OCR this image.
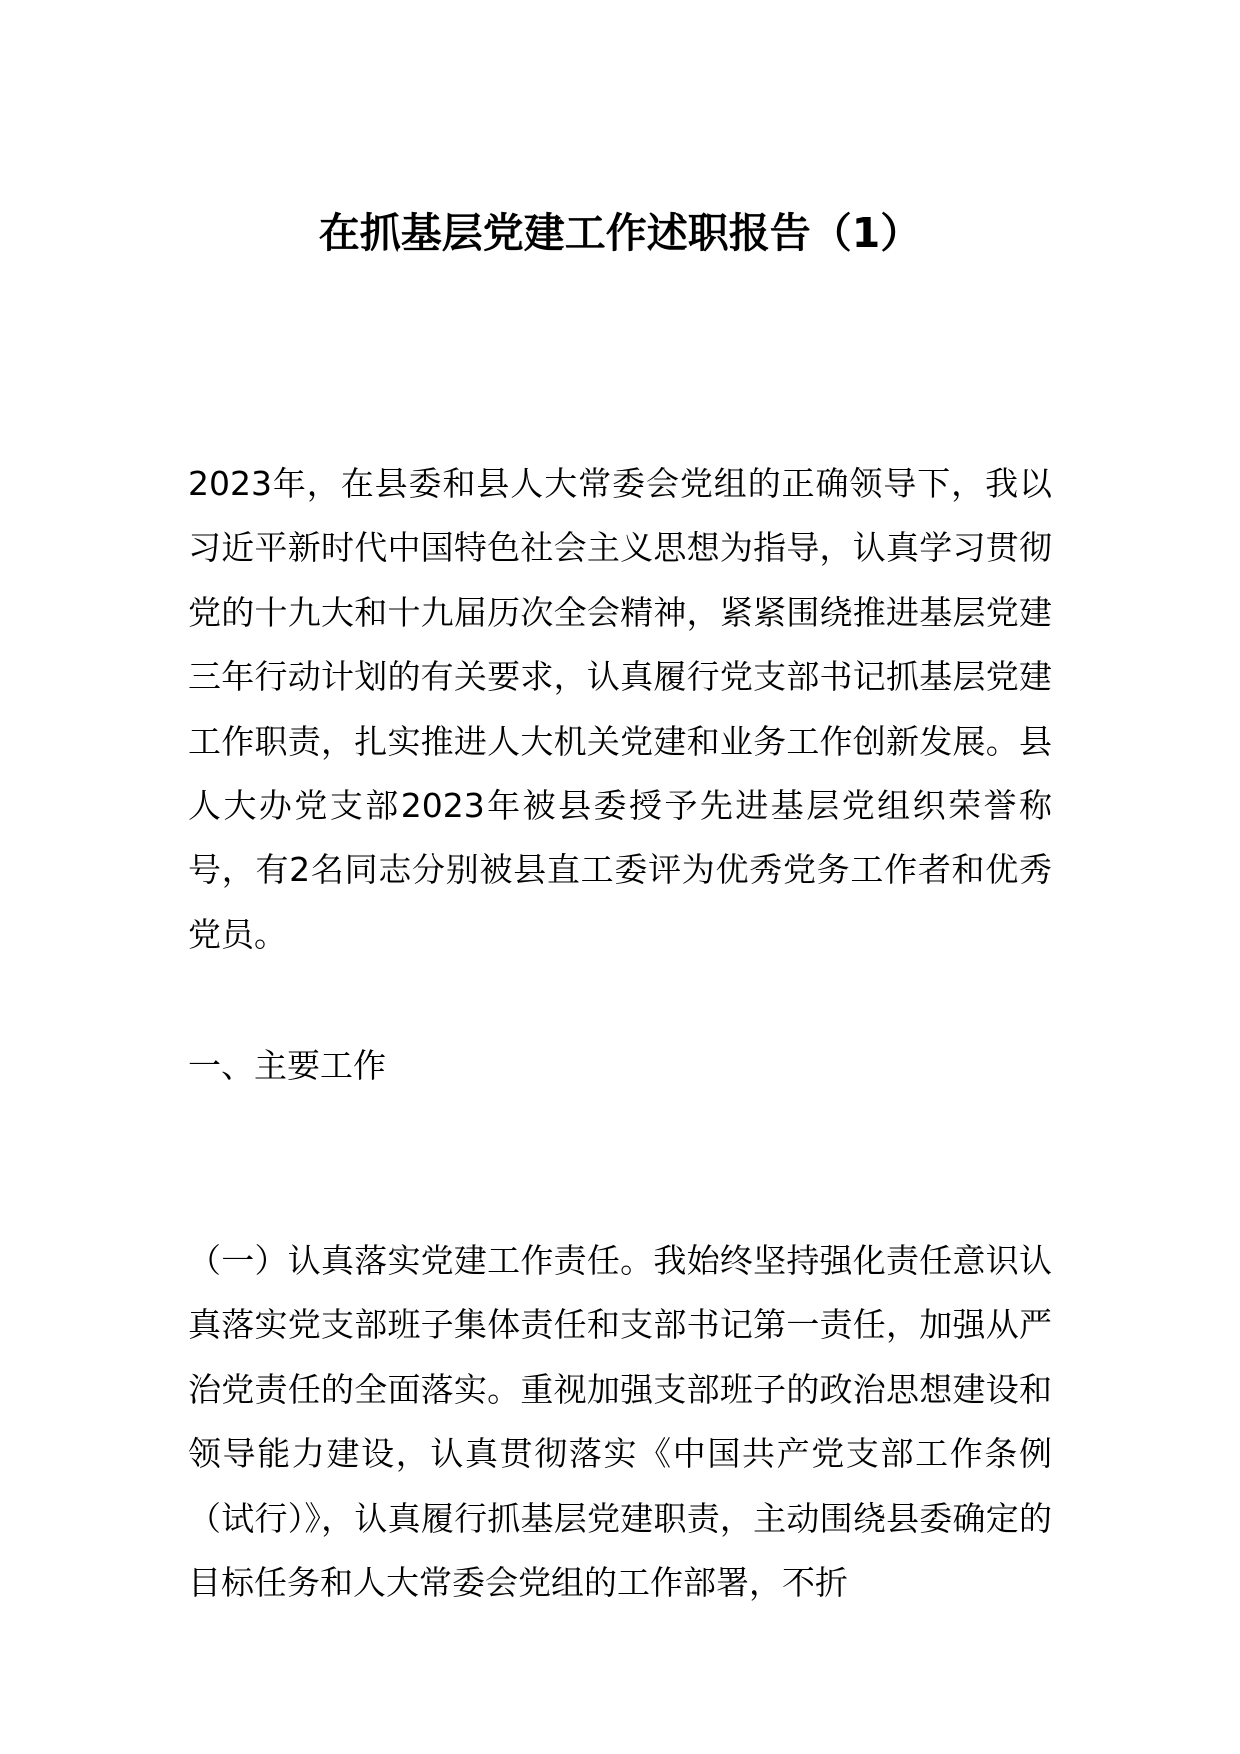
在抓基层党建工作述职报告（1）

2023年，在县委和县人大常委会党组的正确领导下，我以习近平新时代中国特色社会主义思想为指导，认真学习贯彻党的十九大和十九届历次全会精神，紧紧围绕推进基层党建三年行动计划的有关要求，认真履行党支部书记抓基层党建工作职责，扎实推进人大机关党建和业务工作创新发展。县人大办党支部2023年被县委授予先进基层党组织荣誉称号，有2名同志分别被县直工委评为优秀党务工作者和优秀党员。

一、主要工作

（一）认真落实党建工作责任。我始终坚持强化责任意识认真落实党支部班子集体责任和支部书记第一责任，加强从严治党责任的全面落实。重视加强支部班子的政治思想建设和领导能力建设，认真贯彻落实《中国共产党支部工作条例（试行）》，认真履行抓基层党建职责，主动围绕县委确定的目标任务和人大常委会党组的工作部署，不折
